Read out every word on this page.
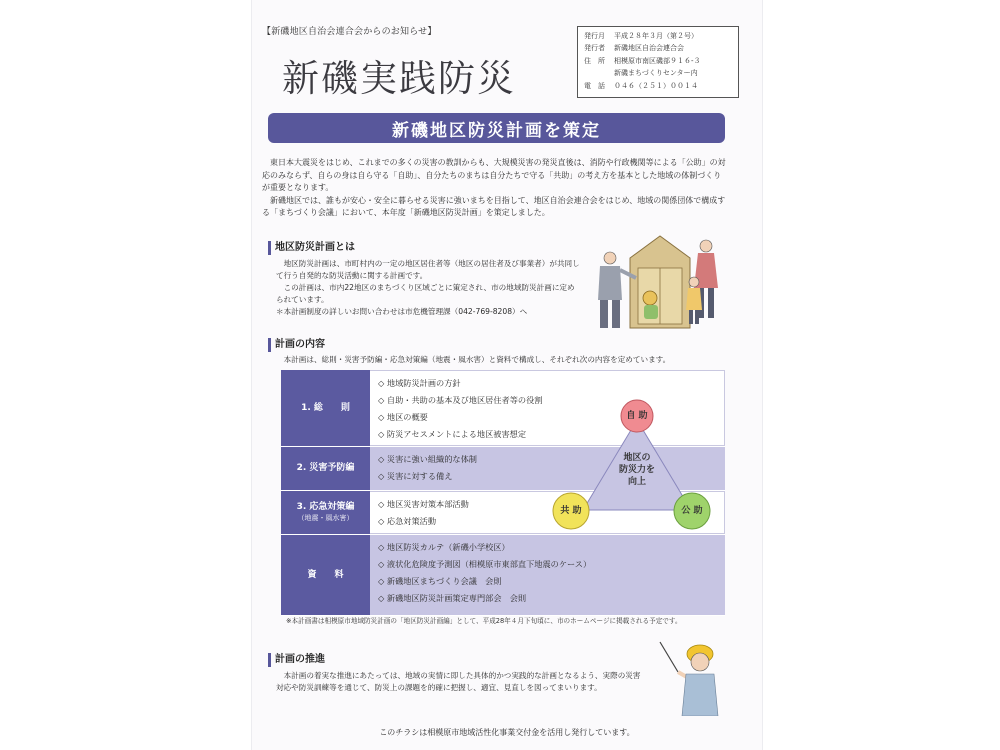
【新磯地区自治会連合会からのお知らせ】
新磯実践防災
発行月 平成２８年３月（第２号）
発行者 新磯地区自治会連合会
住　所 相模原市南区磯部９１６-３
新磯まちづくりセンター内
電　話 ０４６（２５１）００１４
新磯地区防災計画を策定

東日本大震災をはじめ、これまでの多くの災害の教訓からも、大規模災害の発災直後は、消防や行政機関等による「公助」の対応のみならず、自らの身は自ら守る「自助」、自分たちのまちは自分たちで守る「共助」の考え方を基本とした地域の体制づくりが重要となります。

新磯地区では、誰もが安心・安全に暮らせる災害に強いまちを目指して、地区自治会連合会をはじめ、地域の関係団体で構成する「まちづくり会議」において、本年度「新磯地区防災計画」を策定しました。

地区防災計画とは

地区防災計画は、市町村内の一定の地区居住者等（地区の居住者及び事業者）が共同して行う自発的な防災活動に関する計画です。

この計画は、市内22地区のまちづくり区域ごとに策定され、市の地域防災計画に定められています。

＊本計画制度の詳しいお問い合わせは市危機管理課（042-769-8208）へ
計画の内容

本計画は、総則・災害予防編・応急対策編（地震・風水害）と資料で構成し、それぞれ次の内容を定めています。

1. 総　　則
◇ 地域防災計画の方針
◇ 自助・共助の基本及び地区居住者等の役割
◇ 地区の概要
◇ 防災アセスメントによる地区被害想定
2. 災害予防編
◇ 災害に強い組織的な体制
◇ 災害に対する備え
3. 応急対策編
（地震・風水害）
◇ 地区災害対策本部活動
◇ 応急対策活動
資　　料
◇ 地区防災カルテ（新磯小学校区）
◇ 液状化危険度予測図（相模原市東部直下地震のケース）
◇ 新磯地区まちづくり会議　会則
◇ 新磯地区防災計画策定専門部会　会則
自 助
共 助	公 助
地区の
防災力を
向上
※本計画書は相模原市地域防災計画の「地区防災計画編」として、平成28年４月下旬頃に、市のホームページに掲載される予定です。
計画の推進

本計画の着実な推進にあたっては、地域の実情に即した具体的かつ実践的な計画となるよう、実際の災害対応や防災訓練等を通じて、防災上の課題を的確に把握し、適宜、見直しを図ってまいります。

このチラシは相模原市地域活性化事業交付金を活用し発行しています。
